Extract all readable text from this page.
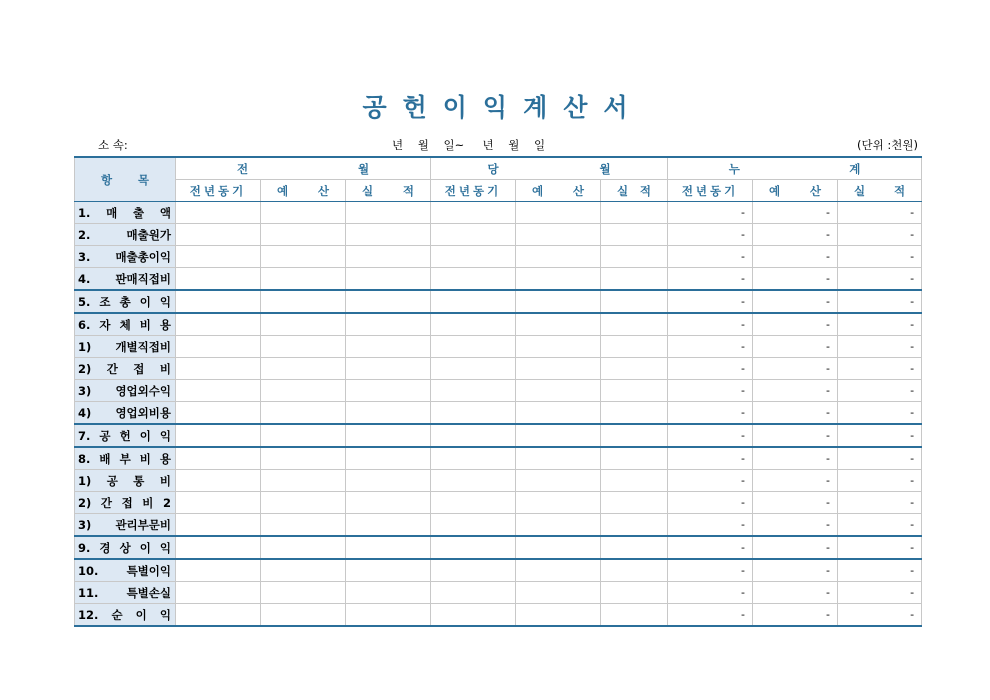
공 헌 이 익 계 산 서
소 속:	년    월    일~     년    월    일	(단위 :천원)
항 목	전 월			당 월			누 계		

	전년동기	예 산	실 적	전년동기	예 산	실 적	전년동기	예 산	실 적

1. 매 출 액							-	-	-
2. 매출원가							-	-	-
3. 매출총이익							-	-	-
4. 판매직접비							-	-	-
5. 조 총 이 익							-	-	-
6. 자 체 비 용							-	-	-
1) 개별직접비							-	-	-
2) 간 접 비							-	-	-
3) 영업외수익							-	-	-
4) 영업외비용							-	-	-
7. 공 헌 이 익							-	-	-
8. 배 부 비 용							-	-	-
1) 공 통 비							-	-	-
2) 간 접 비 2							-	-	-
3) 관리부문비							-	-	-
9. 경 상 이 익							-	-	-
10. 특별이익							-	-	-
11. 특별손실							-	-	-
12. 순 이 익							-	-	-
